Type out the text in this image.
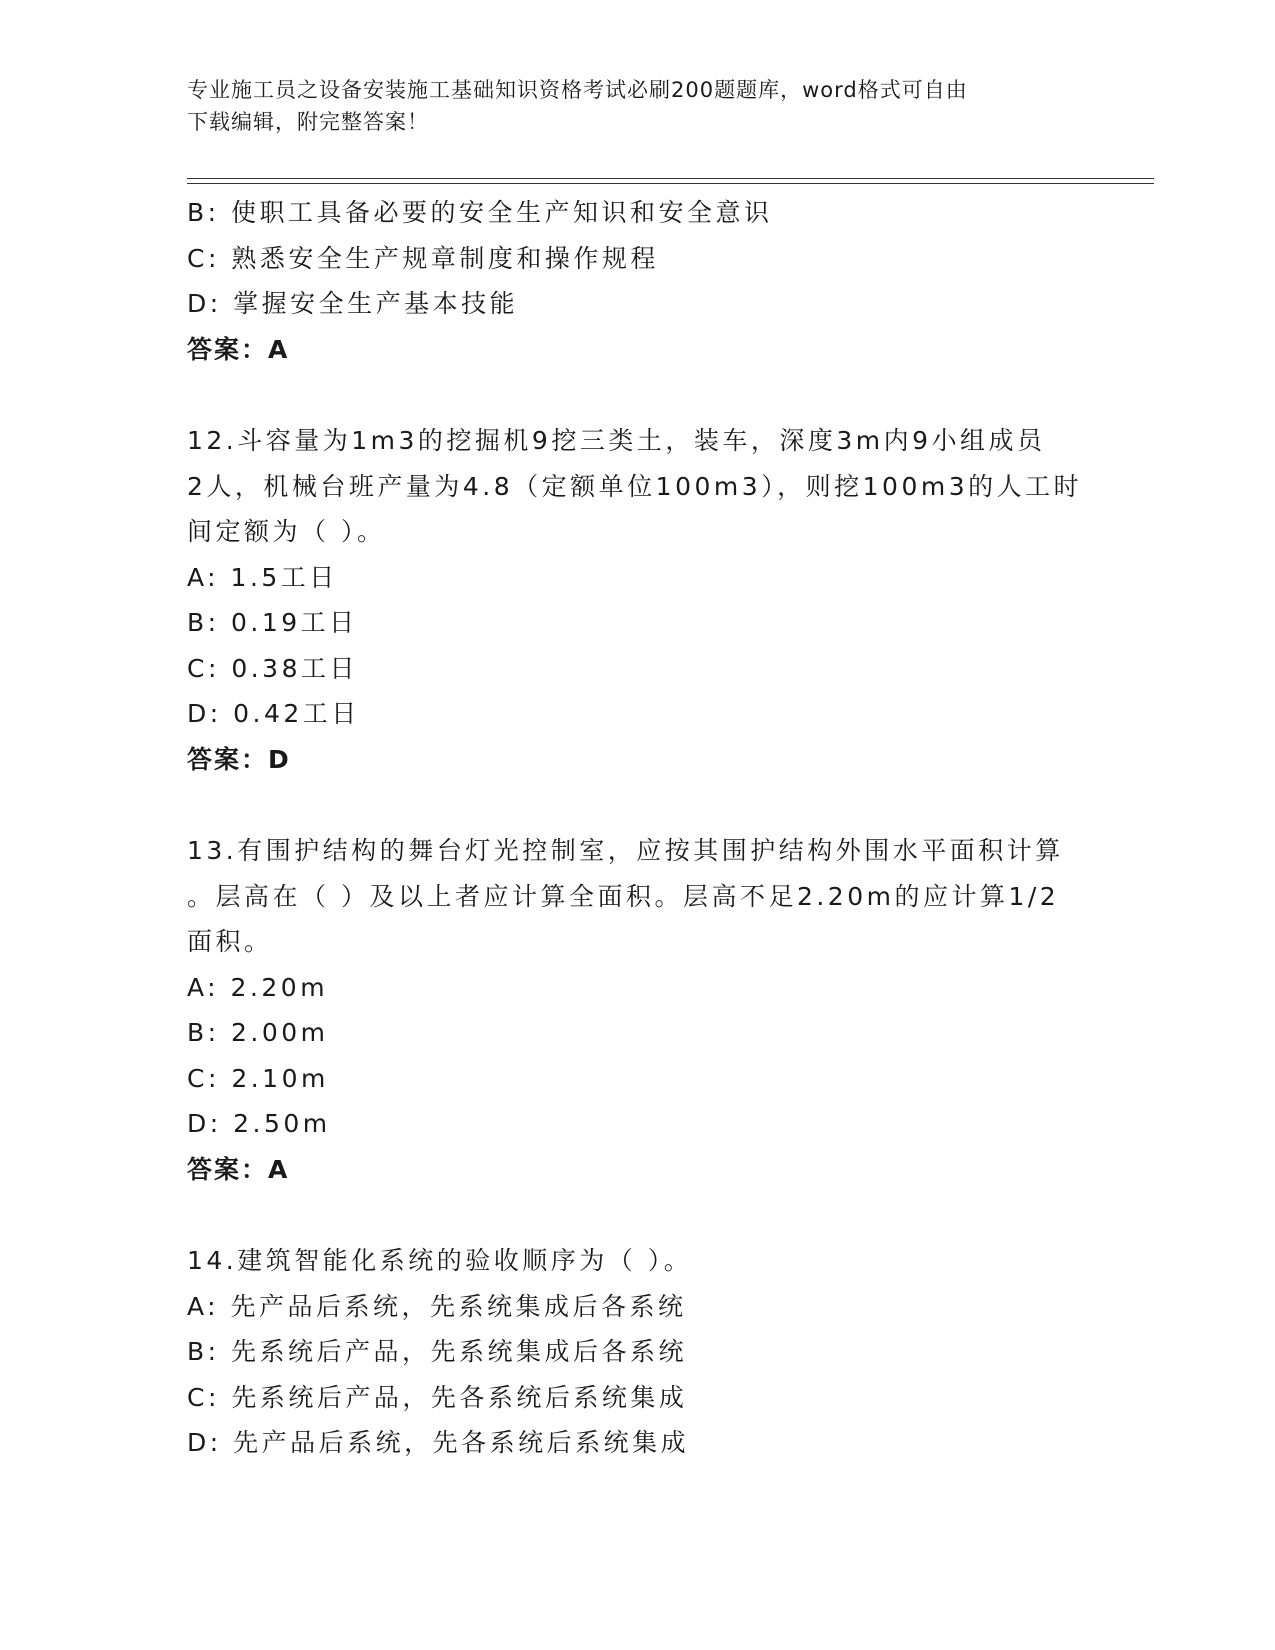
专业施工员之设备安装施工基础知识资格考试必刷200题题库，word格式可自由
下载编辑，附完整答案！
B: 使职工具备必要的安全生产知识和安全意识
C: 熟悉安全生产规章制度和操作规程
D: 掌握安全生产基本技能
答案：A
12.斗容量为1m3的挖掘机9挖三类土，装车，深度3m内9小组成员
2人，机械台班产量为4.8（定额单位100m3），则挖100m3的人工时
间定额为（ ）。
A: 1.5工日
B: 0.19工日
C: 0.38工日
D: 0.42工日
答案：D
13.有围护结构的舞台灯光控制室，应按其围护结构外围水平面积计算
。层高在（ ）及以上者应计算全面积。层高不足2.20m的应计算1/2
面积。
A: 2.20m
B: 2.00m
C: 2.10m
D: 2.50m
答案：A
14.建筑智能化系统的验收顺序为（ ）。
A: 先产品后系统，先系统集成后各系统
B: 先系统后产品，先系统集成后各系统
C: 先系统后产品，先各系统后系统集成
D: 先产品后系统，先各系统后系统集成
